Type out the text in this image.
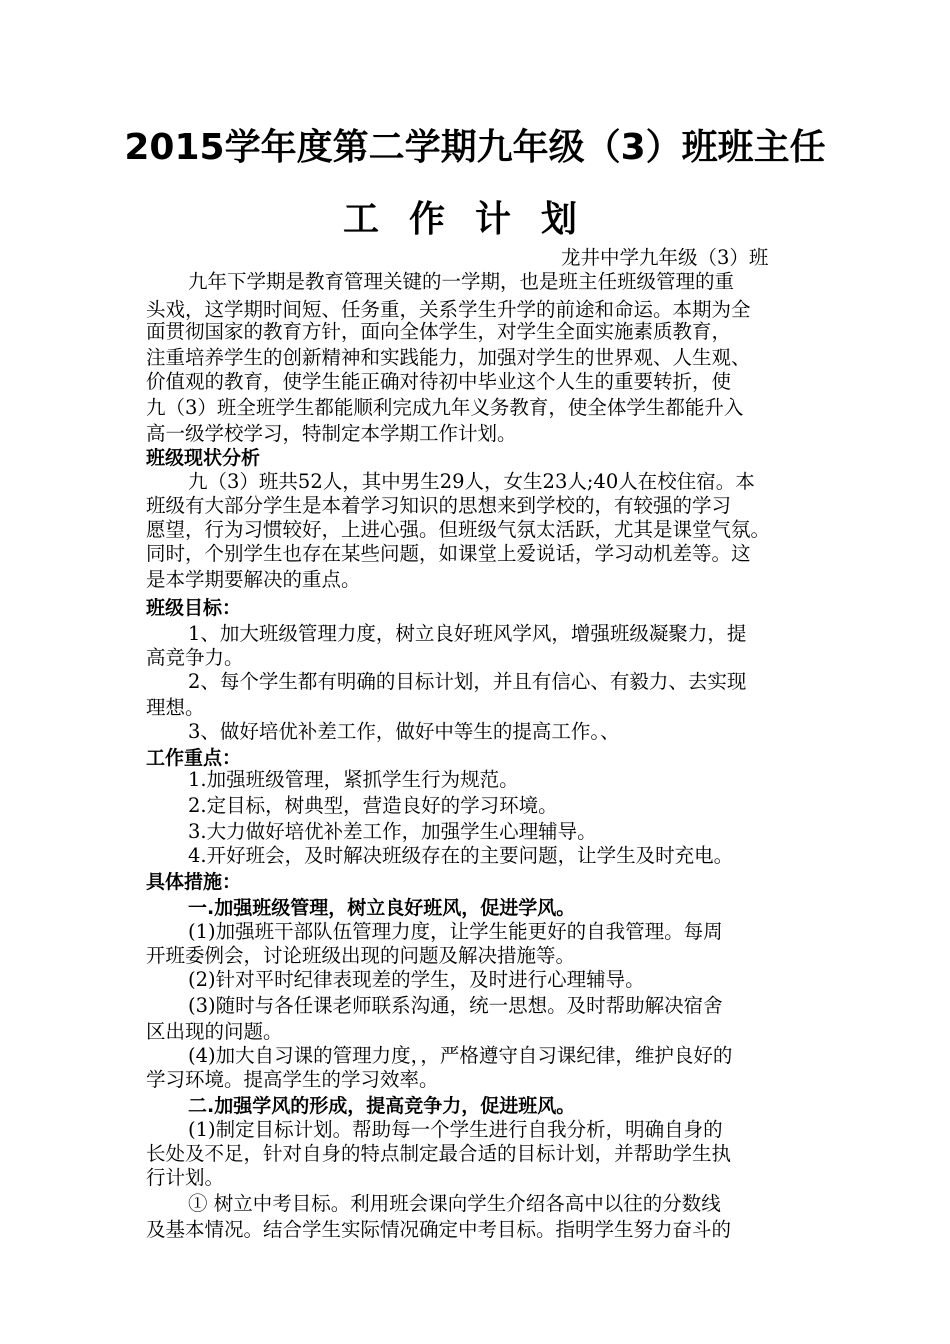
2015学年度第二学期九年级（3）班班主任
工作计划
龙井中学九年级（3）班
九年下学期是教育管理关键的一学期，也是班主任班级管理的重
头戏，这学期时间短、任务重，关系学生升学的前途和命运。本期为全
面贯彻国家的教育方针，面向全体学生，对学生全面实施素质教育，
注重培养学生的创新精神和实践能力，加强对学生的世界观、人生观、
价值观的教育，使学生能正确对待初中毕业这个人生的重要转折，使
九（3）班全班学生都能顺利完成九年义务教育，使全体学生都能升入
高一级学校学习，特制定本学期工作计划。
班级现状分析
九（3）班共52人，其中男生29人，女生23人;40人在校住宿。本
班级有大部分学生是本着学习知识的思想来到学校的，有较强的学习
愿望，行为习惯较好，上进心强。但班级气氛太活跃，尤其是课堂气氛。
同时，个别学生也存在某些问题，如课堂上爱说话，学习动机差等。这
是本学期要解决的重点。
班级目标：
1、加大班级管理力度，树立良好班风学风，增强班级凝聚力，提
高竞争力。
2、每个学生都有明确的目标计划，并且有信心、有毅力、去实现
理想。
3、做好培优补差工作，做好中等生的提高工作。、
工作重点：
1.加强班级管理，紧抓学生行为规范。
2.定目标，树典型，营造良好的学习环境。
3.大力做好培优补差工作，加强学生心理辅导。
4.开好班会，及时解决班级存在的主要问题，让学生及时充电。
具体措施：
一.加强班级管理，树立良好班风，促进学风。
(1)加强班干部队伍管理力度，让学生能更好的自我管理。每周
开班委例会，讨论班级出现的问题及解决措施等。
(2)针对平时纪律表现差的学生，及时进行心理辅导。
(3)随时与各任课老师联系沟通，统一思想。及时帮助解决宿舍
区出现的问题。
(4)加大自习课的管理力度，，严格遵守自习课纪律，维护良好的
学习环境。提高学生的学习效率。
二.加强学风的形成，提高竞争力，促进班风。
(1)制定目标计划。帮助每一个学生进行自我分析，明确自身的
长处及不足，针对自身的特点制定最合适的目标计划，并帮助学生执
行计划。
① 树立中考目标。利用班会课向学生介绍各高中以往的分数线
及基本情况。结合学生实际情况确定中考目标。指明学生努力奋斗的
